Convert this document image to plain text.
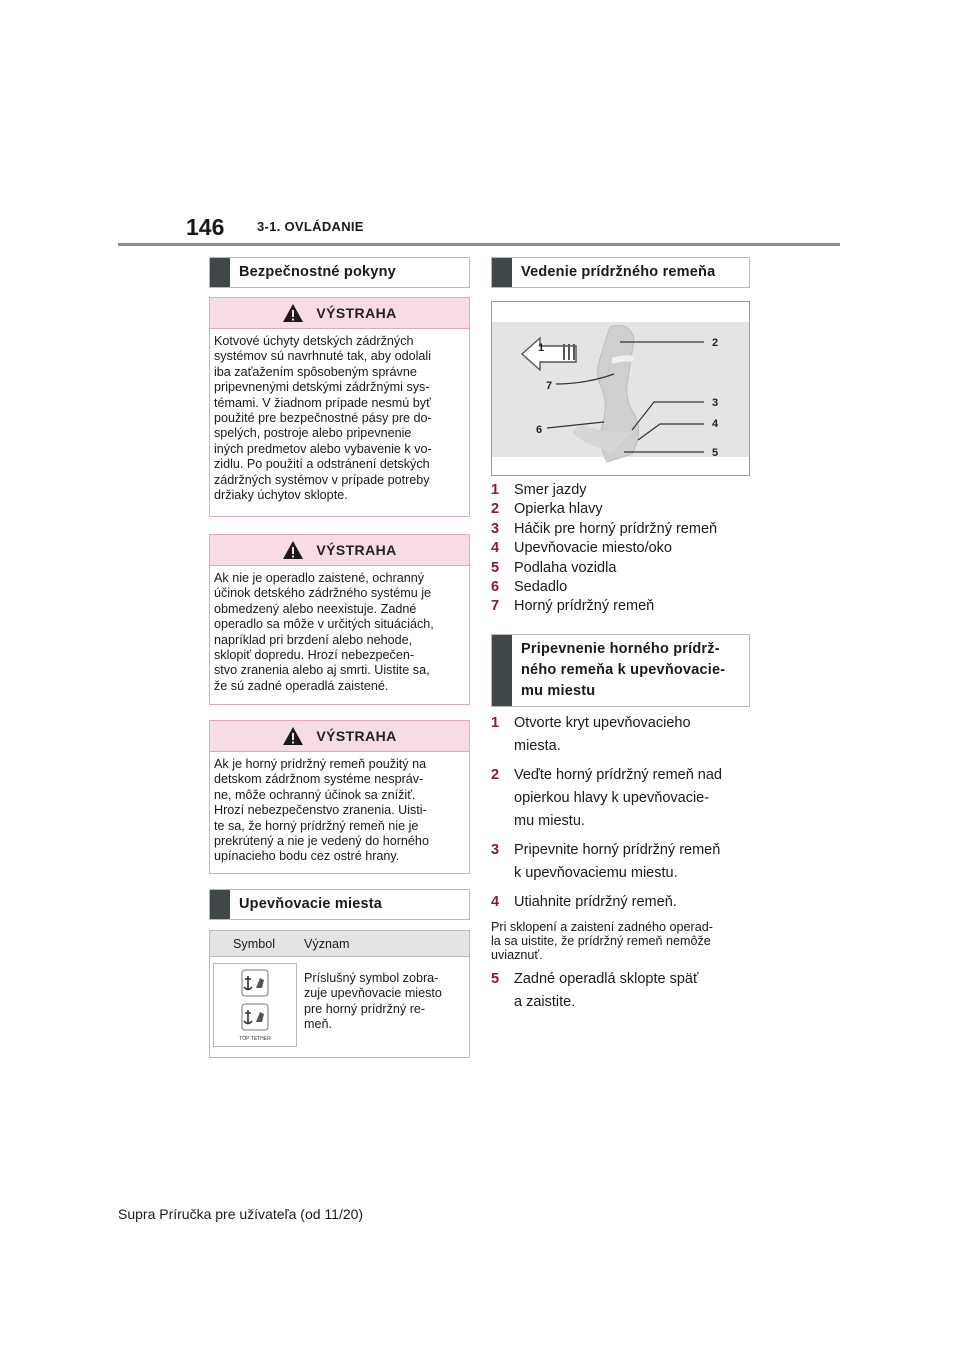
146	3-1. OVLÁDANIE
Bezpečnostné pokyny
VÝSTRAHA
Kotvové úchyty detských zádržných
systémov sú navrhnuté tak, aby odolali
iba zaťažením spôsobeným správne
pripevnenými detskými zádržnými sys-
témami. V žiadnom prípade nesmú byť
použité pre bezpečnostné pásy pre do-
spelých, postroje alebo pripevnenie
iných predmetov alebo vybavenie k vo-
zidlu. Po použití a odstránení detských
zádržných systémov v prípade potreby
držiaky úchytov sklopte.
VÝSTRAHA
Ak nie je operadlo zaistené, ochranný
účinok detského zádržného systému je
obmedzený alebo neexistuje. Zadné
operadlo sa môže v určitých situáciách,
napríklad pri brzdení alebo nehode,
sklopiť dopredu. Hrozí nebezpečen-
stvo zranenia alebo aj smrti. Uistite sa,
že sú zadné operadlá zaistené.
VÝSTRAHA
Ak je horný prídržný remeň použitý na
detskom zádržnom systéme nespráv-
ne, môže ochranný účinok sa znížiť.
Hrozí nebezpečenstvo zranenia. Uisti-
te sa, že horný prídržný remeň nie je
prekrútený a nie je vedený do horného
upínacieho bodu cez ostré hrany.
Upevňovacie miesta
Symbol	Význam
TOP TETHER
Príslušný symbol zobra-
zuje upevňovacie miesto
pre horný prídržný re-
meň.
Vedenie prídržného remeňa
1	2
3
4
5
6
7
1	Smer jazdy
2	Opierka hlavy
3	Háčik pre horný prídržný remeň
4	Upevňovacie miesto/oko
5	Podlaha vozidla
6	Sedadlo
7	Horný prídržný remeň
Pripevnenie horného prídrž-
ného remeňa k upevňovacie-
mu miestu
1	Otvorte kryt upevňovacieho
miesta.
2	Veďte horný prídržný remeň nad
opierkou hlavy k upevňovacie-
mu miestu.
3	Pripevnite horný prídržný remeň
k upevňovaciemu miestu.
4	Utiahnite prídržný remeň.
Pri sklopení a zaistení zadného operad-
la sa uistite, že prídržný remeň nemôže
uviaznuť.
5	Zadné operadlá sklopte späť
a zaistite.
Supra Príručka pre užívateľa (od 11/20)
